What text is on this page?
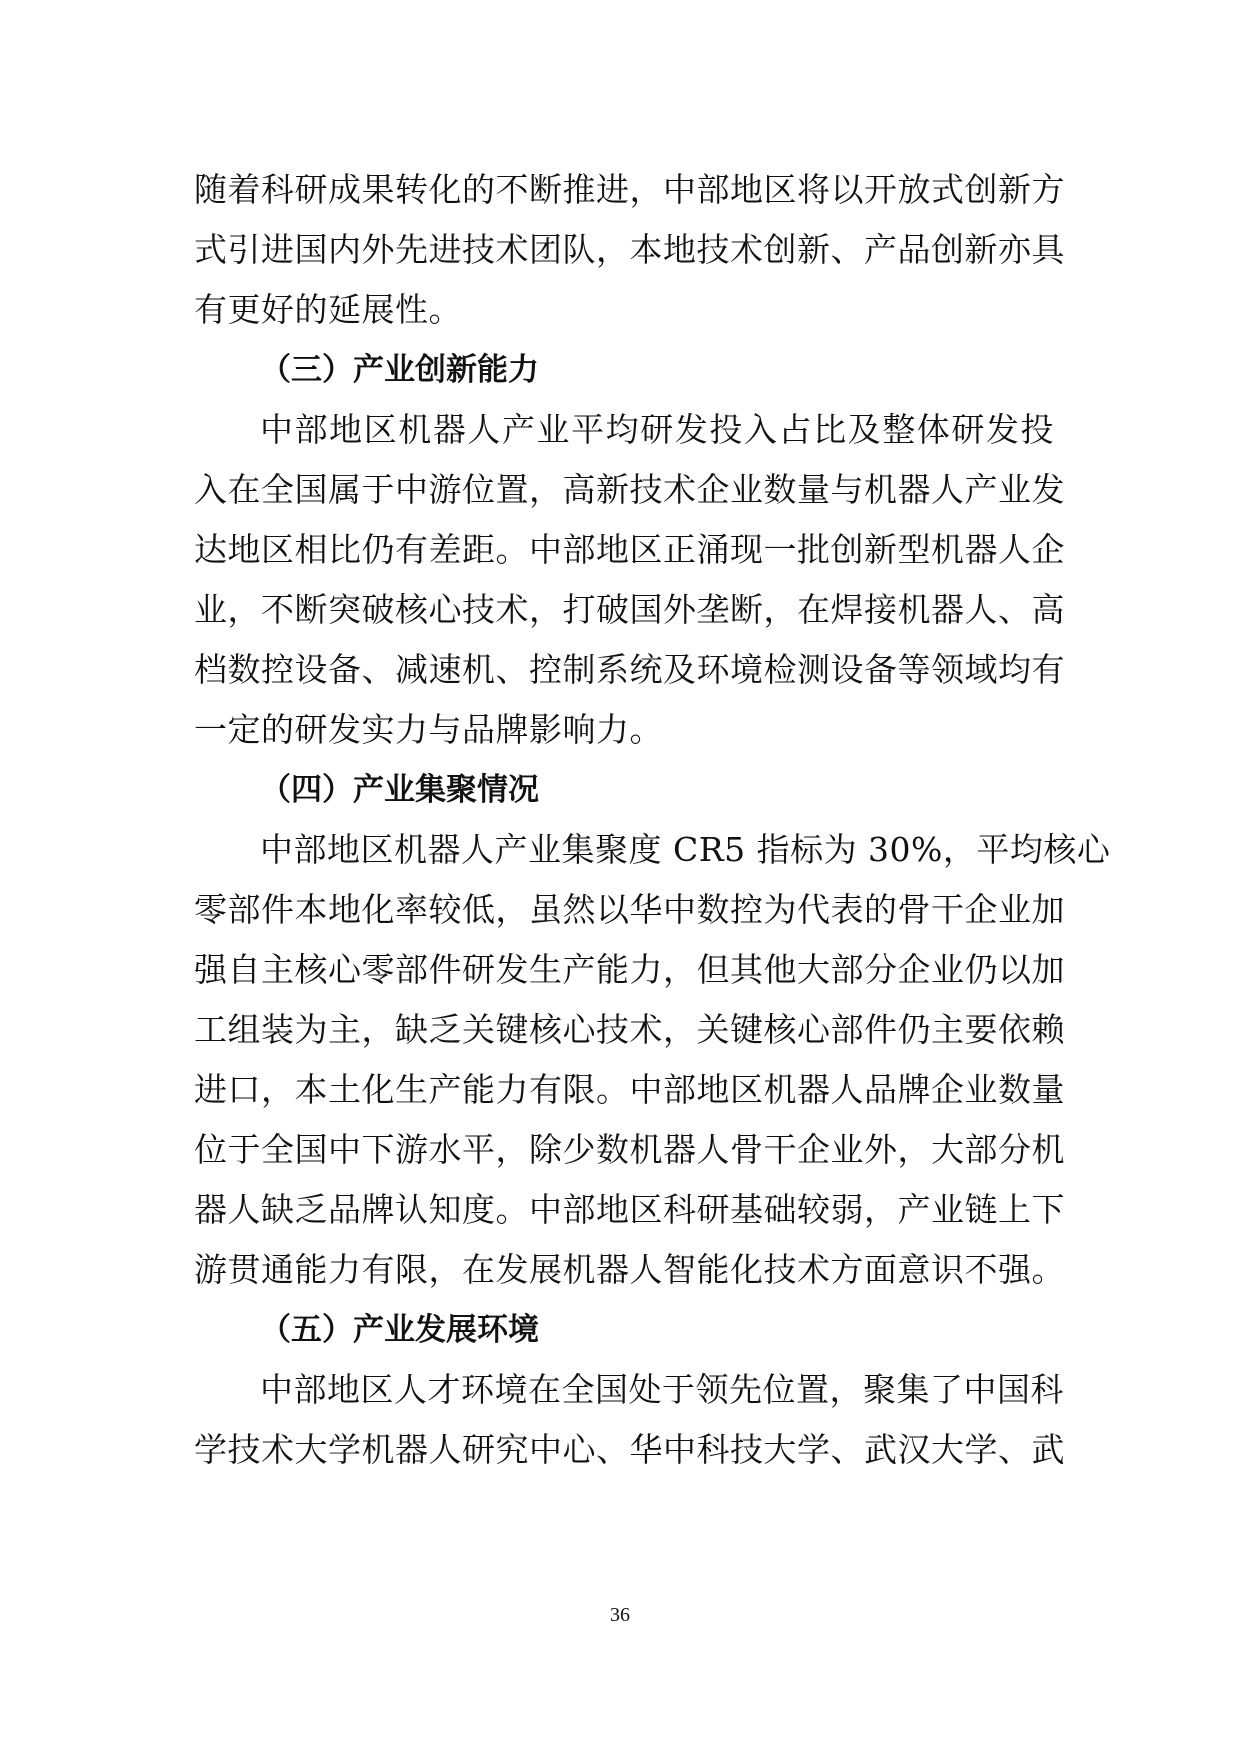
随着科研成果转化的不断推进，中部地区将以开放式创新方
式引进国内外先进技术团队，本地技术创新、产品创新亦具
有更好的延展性。
（三）产业创新能力
中部地区机器人产业平均研发投入占比及整体研发投
入在全国属于中游位置，高新技术企业数量与机器人产业发
达地区相比仍有差距。中部地区正涌现一批创新型机器人企
业，不断突破核心技术，打破国外垄断，在焊接机器人、高
档数控设备、减速机、控制系统及环境检测设备等领域均有
一定的研发实力与品牌影响力。
（四）产业集聚情况
中部地区机器人产业集聚度 CR5 指标为 30%，平均核心
零部件本地化率较低，虽然以华中数控为代表的骨干企业加
强自主核心零部件研发生产能力，但其他大部分企业仍以加
工组装为主，缺乏关键核心技术，关键核心部件仍主要依赖
进口，本土化生产能力有限。中部地区机器人品牌企业数量
位于全国中下游水平，除少数机器人骨干企业外，大部分机
器人缺乏品牌认知度。中部地区科研基础较弱，产业链上下
游贯通能力有限，在发展机器人智能化技术方面意识不强。
（五）产业发展环境
中部地区人才环境在全国处于领先位置，聚集了中国科
学技术大学机器人研究中心、华中科技大学、武汉大学、武
36
